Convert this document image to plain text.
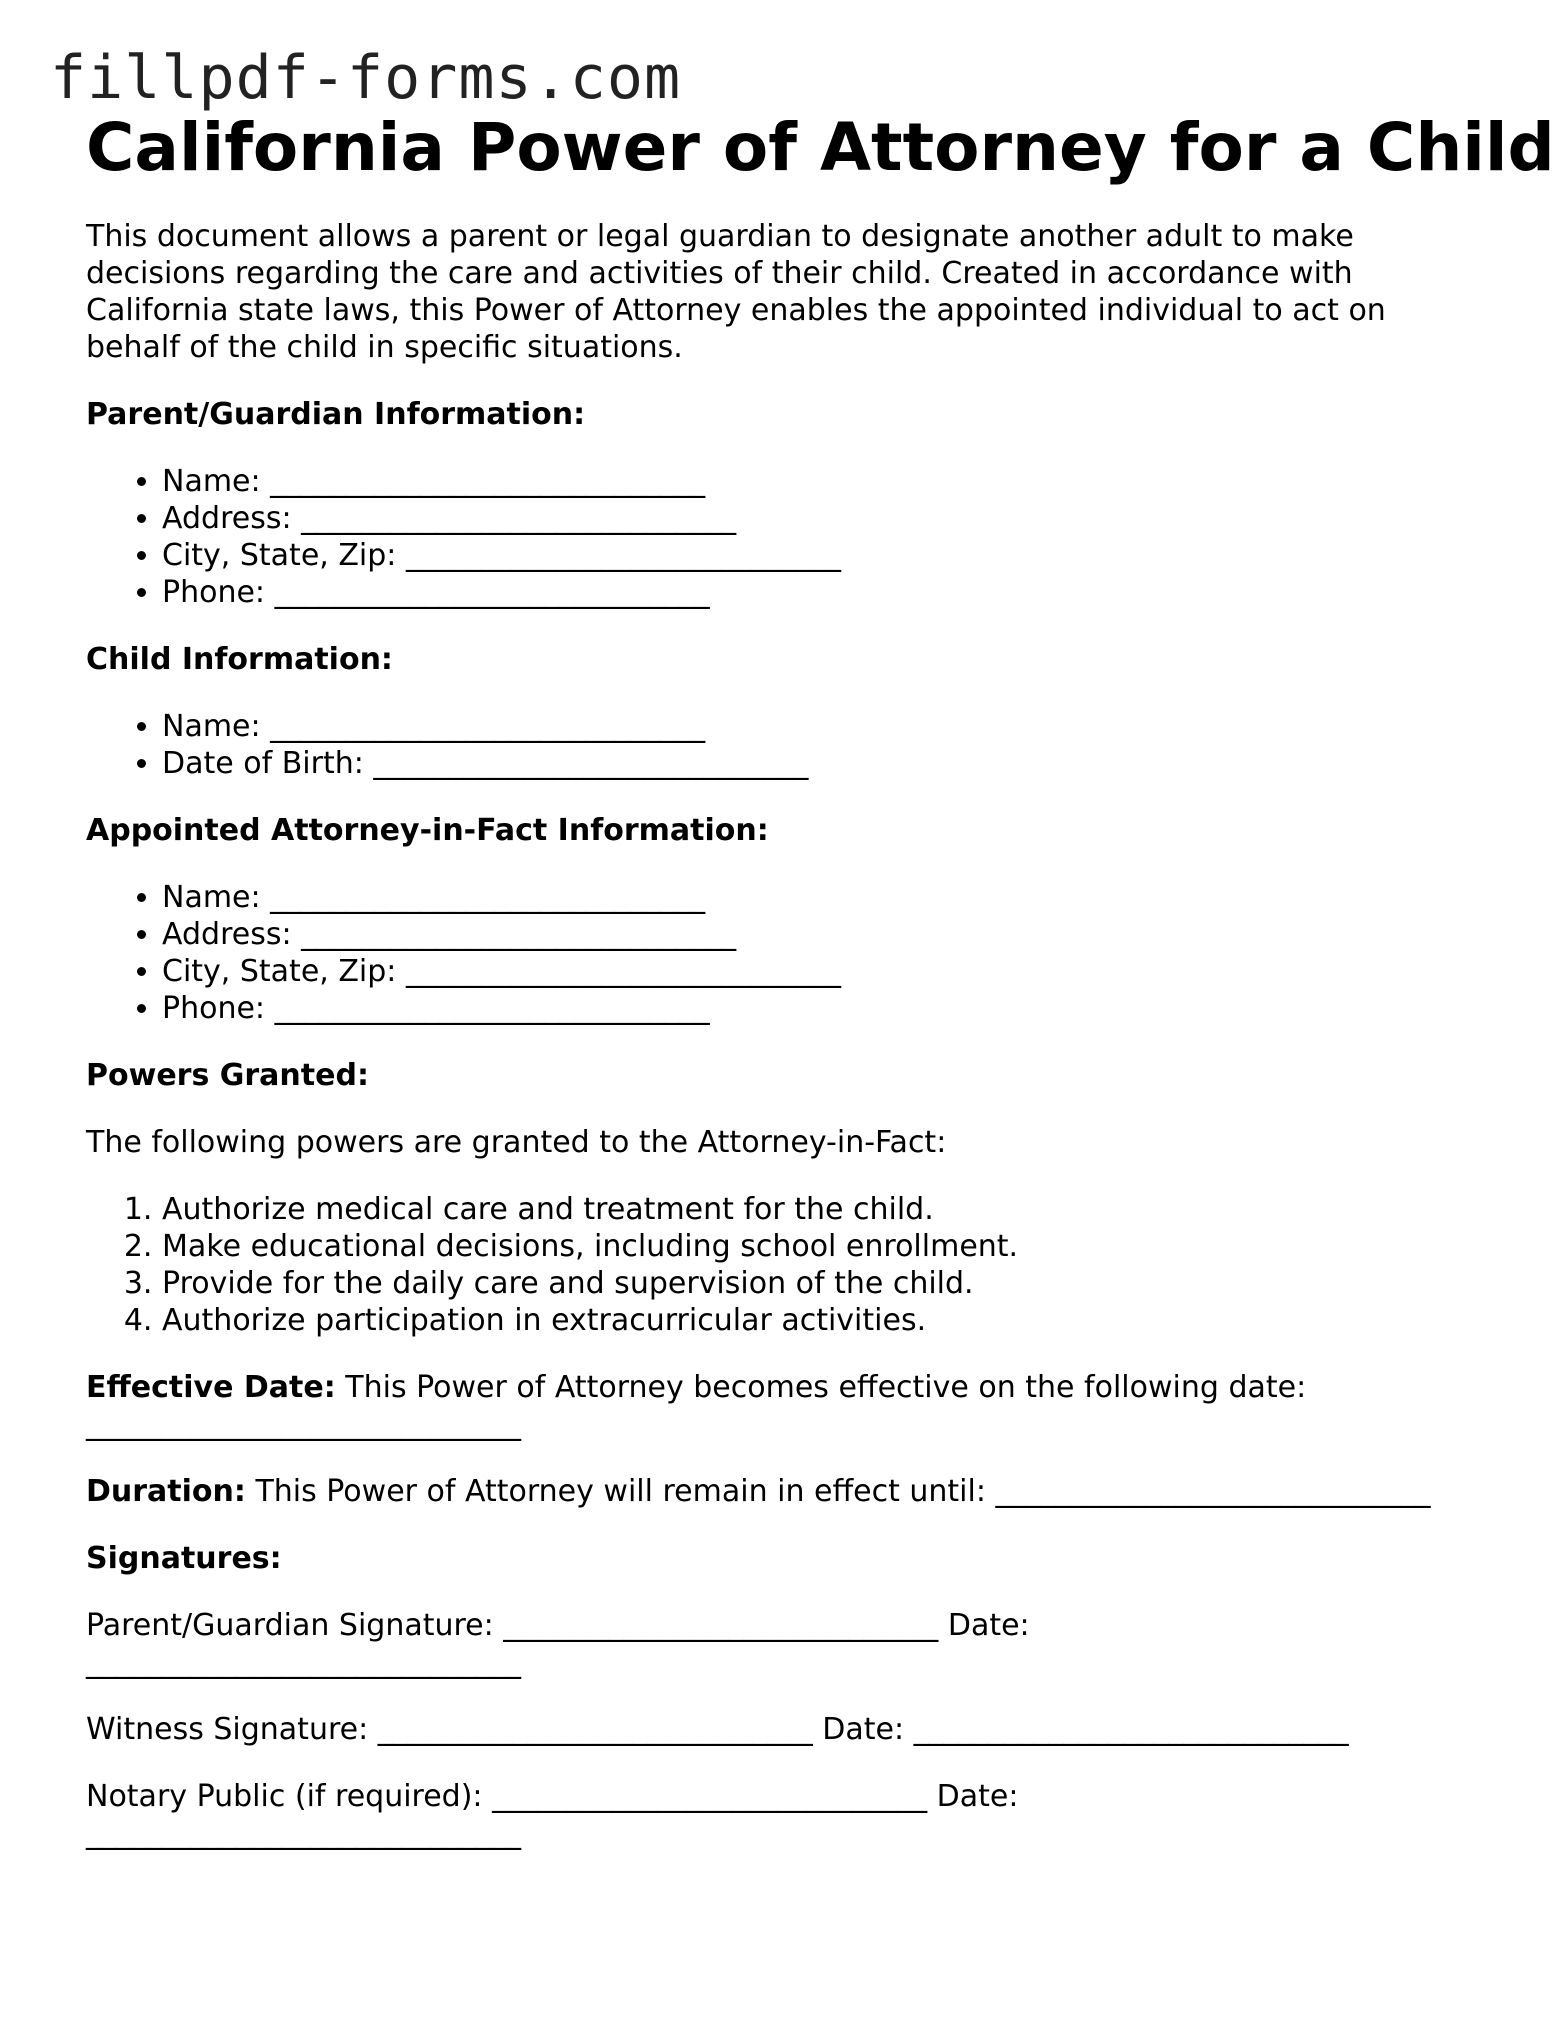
fillpdf-forms.com
California Power of Attorney for a Child

This document allows a parent or legal guardian to designate another adult to make decisions regarding the care and activities of their child. Created in accordance with California state laws, this Power of Attorney enables the appointed individual to act on behalf of the child in specific situations.

Parent/Guardian Information:

• Name: _____________________________
• Address: _____________________________
• City, State, Zip: _____________________________
• Phone: _____________________________

Child Information:

• Name: _____________________________
• Date of Birth: _____________________________

Appointed Attorney-in-Fact Information:

• Name: _____________________________
• Address: _____________________________
• City, State, Zip: _____________________________
• Phone: _____________________________

Powers Granted:

The following powers are granted to the Attorney-in-Fact:

1. Authorize medical care and treatment for the child.
2. Make educational decisions, including school enrollment.
3. Provide for the daily care and supervision of the child.
4. Authorize participation in extracurricular activities.

Effective Date: This Power of Attorney becomes effective on the following date:
_____________________________

Duration: This Power of Attorney will remain in effect until: _____________________________

Signatures:

Parent/Guardian Signature: _____________________________ Date:
_____________________________

Witness Signature: _____________________________ Date: _____________________________

Notary Public (if required): _____________________________ Date:
_____________________________
